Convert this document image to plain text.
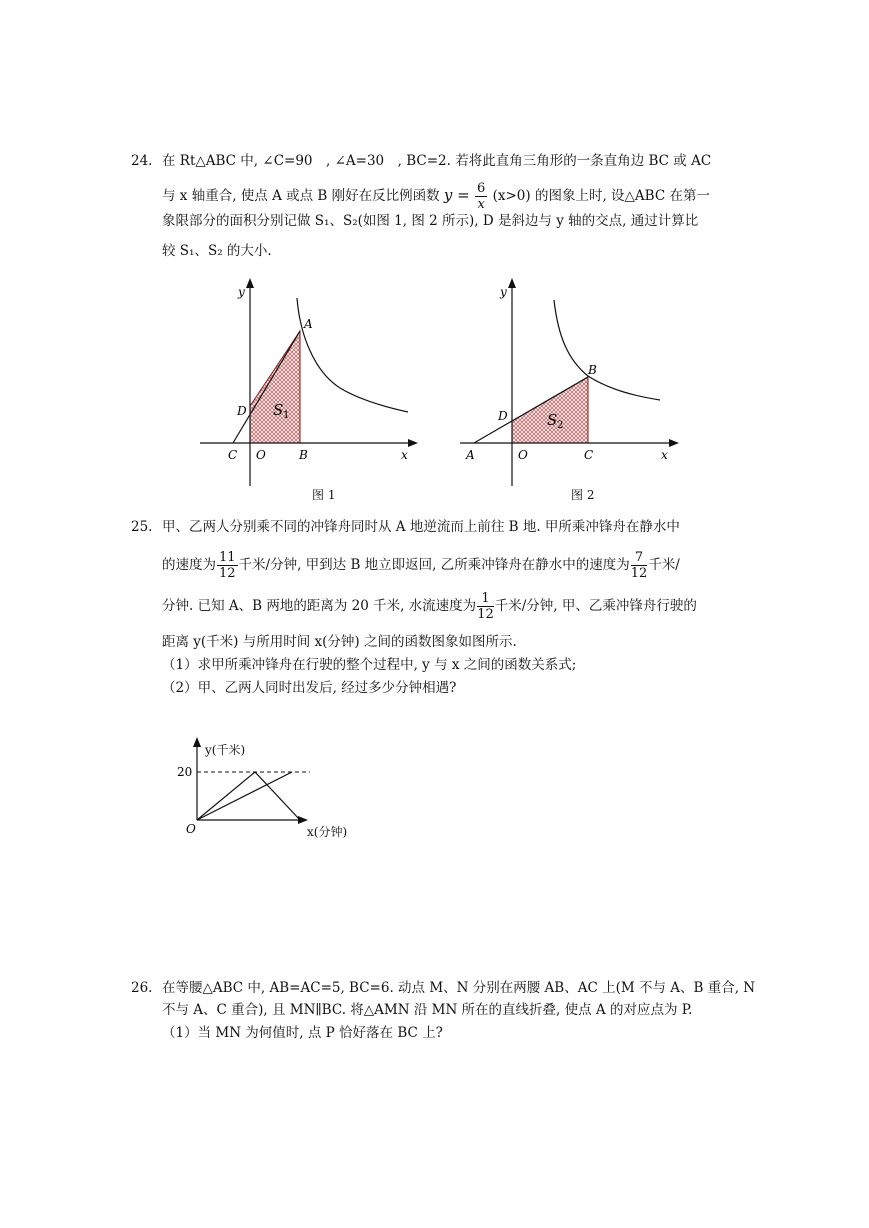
24. 在 Rt△ABC 中, ∠C=90　, ∠A=30　, BC=2. 若将此直角三角形的一条直角边 BC 或 AC
与 x 轴重合, 使点 A 或点 B 刚好在反比例函数 $y = \frac{6}{x} (x>0)$ 的图象上时, 设△ABC 在第一
象限部分的面积分别记做 S₁、S₂(如图 1, 图 2 所示), D 是斜边与 y 轴的交点, 通过计算比
较 S₁、S₂ 的大小.
y
x
A
D S 1
C O	B
图 1
y
x
B
D	S 2
A	O	C
图 2
25. 甲、乙两人分别乘不同的冲锋舟同时从 A 地逆流而上前往 B 地. 甲所乘冲锋舟在静水中
的速度为 $\frac{11}{12}$ 千米/分钟, 甲到达 B 地立即返回, 乙所乘冲锋舟在静水中的速度为 $\frac{7}{12}$ 千米/
分钟. 已知 A、B 两地的距离为 20 千米, 水流速度为 $\frac{1}{12}$ 千米/分钟, 甲、乙乘冲锋舟行驶的
距离 y(千米) 与所用时间 x(分钟) 之间的函数图象如图所示.
（1）求甲所乘冲锋舟在行驶的整个过程中, y 与 x 之间的函数关系式;
（2）甲、乙两人同时出发后, 经过多少分钟相遇?
20
O
y(千米)
x(分钟)
26. 在等腰△ABC 中, AB=AC=5, BC=6. 动点 M、N 分别在两腰 AB、AC 上(M 不与 A、B 重合, N
不与 A、C 重合), 且 MN∥BC. 将△AMN 沿 MN 所在的直线折叠, 使点 A 的对应点为 P.
（1）当 MN 为何值时, 点 P 恰好落在 BC 上?
